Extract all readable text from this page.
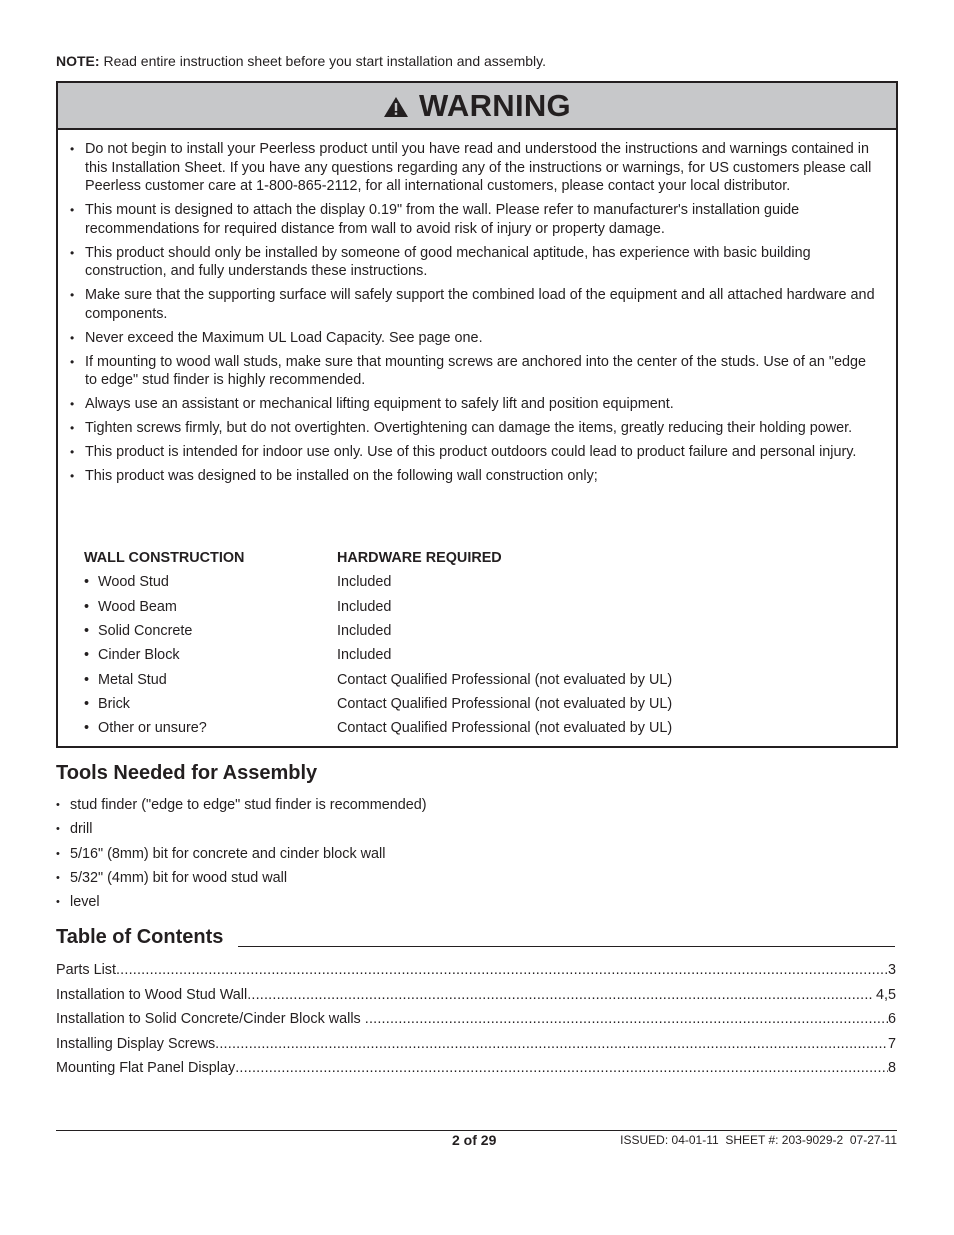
NOTE: Read entire instruction sheet before you start installation and assembly.
WARNING
• Do not begin to install your Peerless product until you have read and understood the instructions and warnings contained in this Installation Sheet. If you have any questions regarding any of the instructions or warnings, for US customers please call Peerless customer care at 1-800-865-2112, for all international customers, please contact your local distributor.
• This mount is designed to attach the display 0.19" from the wall. Please refer to manufacturer's installation guide recommendations for required distance from wall to avoid risk of injury or property damage.
• This product should only be installed by someone of good mechanical aptitude, has experience with basic building construction, and fully understands these instructions.
• Make sure that the supporting surface will safely support the combined load of the equipment and all attached hardware and components.
• Never exceed the Maximum UL Load Capacity. See page one.
• If mounting to wood wall studs, make sure that mounting screws are anchored into the center of the studs. Use of an "edge to edge" stud finder is highly recommended.
• Always use an assistant or mechanical lifting equipment to safely lift and position equipment.
• Tighten screws firmly, but do not overtighten. Overtightening can damage the items, greatly reducing their holding power.
• This product is intended for indoor use only. Use of this product outdoors could lead to product failure and personal injury.
• This product was designed to be installed on the following wall construction only;
WALL CONSTRUCTION	HARDWARE REQUIRED
• Wood Stud	Included
• Wood Beam	Included
• Solid Concrete	Included
• Cinder Block	Included
• Metal Stud	Contact Qualified Professional (not evaluated by UL)
• Brick	Contact Qualified Professional (not evaluated by UL)
• Other or unsure?	Contact Qualified Professional (not evaluated by UL)
Tools Needed for Assembly
• stud finder ("edge to edge" stud finder is recommended)
• drill
• 5/16" (8mm) bit for concrete and cinder block wall
• 5/32" (4mm) bit for wood stud wall
• level
Table of Contents
Parts List .....	3
Installation to Wood Stud Wall .....	4,5
Installation to Solid Concrete/Cinder Block walls .....	6
Installing Display Screws .....	7
Mounting Flat Panel Display .....	8
2 of 29	ISSUED: 04-01-11  SHEET #: 203-9029-2  07-27-11
